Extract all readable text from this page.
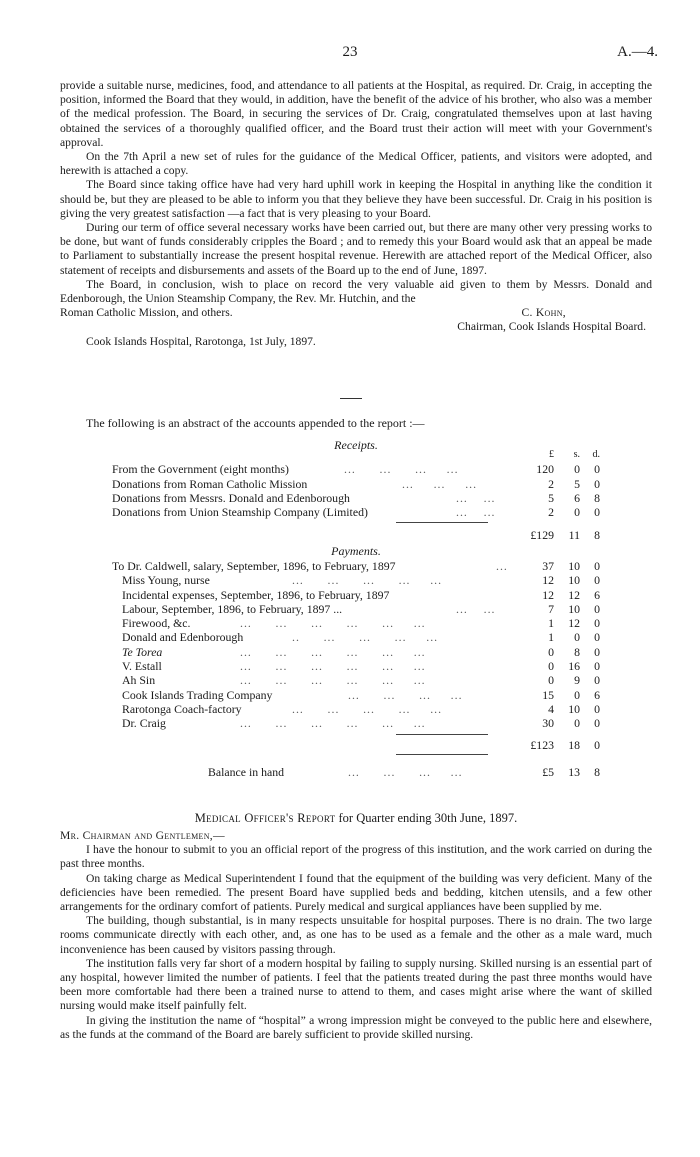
23	A.—4.

provide a suitable nurse, medicines, food, and attendance to all patients at the Hospital, as required. Dr. Craig, in accepting the position, informed the Board that they would, in addition, have the benefit of the advice of his brother, who also was a member of the medical profession. The Board, in securing the services of Dr. Craig, congratulated themselves upon at last having obtained the services of a thoroughly qualified officer, and the Board trust their action will meet with your Government's approval.

On the 7th April a new set of rules for the guidance of the Medical Officer, patients, and visitors were adopted, and herewith is attached a copy.

The Board since taking office have had very hard uphill work in keeping the Hospital in anything like the condition it should be, but they are pleased to be able to inform you that they believe they have been successful. Dr. Craig in his position is giving the very greatest satisfaction —a fact that is very pleasing to your Board.

During our term of office several necessary works have been carried out, but there are many other very pressing works to be done, but want of funds considerably cripples the Board ; and to remedy this your Board would ask that an appeal be made to Parliament to substantially increase the present hospital revenue. Herewith are attached report of the Medical Officer, also statement of receipts and disbursements and assets of the Board up to the end of June, 1897.

The Board, in conclusion, wish to place on record the very valuable aid given to them by Messrs. Donald and Edenborough, the Union Steamship Company, the Rev. Mr. Hutchin, and the

Roman Catholic Mission, and others.	C. Kohn,
Chairman, Cook Islands Hospital Board.
Cook Islands Hospital, Rarotonga, 1st July, 1897.
The following is an abstract of the accounts appended to the report :—
Receipts.
£	s.	d.
From the Government (eight months)	...      ...      ...     ...	120	0	0
Donations from Roman Catholic Mission	...     ...     ...	2	5	0
Donations from Messrs. Donald and Edenborough	...    ...	5	6	8
Donations from Union Steamship Company (Limited)	...    ...	2	0	0
£129	11	8
Payments.
To Dr. Caldwell, salary, September, 1896, to February, 1897	...	37	10	0
Miss Young, nurse	...      ...      ...      ...     ...	12	10	0
Incidental expenses, September, 1896, to February, 1897	12	12	6
Labour, September, 1896, to February, 1897 ...	...    ...	7	10	0
Firewood, &c.	...      ...      ...      ...      ...     ...	1	12	0
Donald and Edenborough	..      ...      ...      ...     ...	1	0	0
Te Torea	...      ...      ...      ...      ...     ...	0	8	0
V. Estall	...      ...      ...      ...      ...     ...	0	16	0
Ah Sin	...      ...      ...      ...      ...     ...	0	9	0
Cook Islands Trading Company	...      ...      ...     ...	15	0	6
Rarotonga Coach-factory	...      ...      ...      ...     ...	4	10	0
Dr. Craig	...      ...      ...      ...      ...     ...	30	0	0
£123	18	0
Balance in hand	...      ...      ...     ...	£5	13	8
Medical Officer's Report for Quarter ending 30th June, 1897.

Mr. Chairman and Gentlemen,—

I have the honour to submit to you an official report of the progress of this institution, and the work carried on during the past three months.

On taking charge as Medical Superintendent I found that the equipment of the building was very deficient. Many of the deficiencies have been remedied. The present Board have supplied beds and bedding, kitchen utensils, and a few other arrangements for the ordinary comfort of patients. Purely medical and surgical appliances have been supplied by me.

The building, though substantial, is in many respects unsuitable for hospital purposes. There is no drain. The two large rooms communicate directly with each other, and, as one has to be used as a female and the other as a male ward, much inconvenience has been caused by visitors passing through.

The institution falls very far short of a modern hospital by failing to supply nursing. Skilled nursing is an essential part of any hospital, however limited the number of patients. I feel that the patients treated during the past three months would have been more comfortable had there been a trained nurse to attend to them, and cases might arise where the want of skilled nursing would make itself painfully felt.

In giving the institution the name of “hospital” a wrong impression might be conveyed to the public here and elsewhere, as the funds at the command of the Board are barely sufficient to provide skilled nursing.
